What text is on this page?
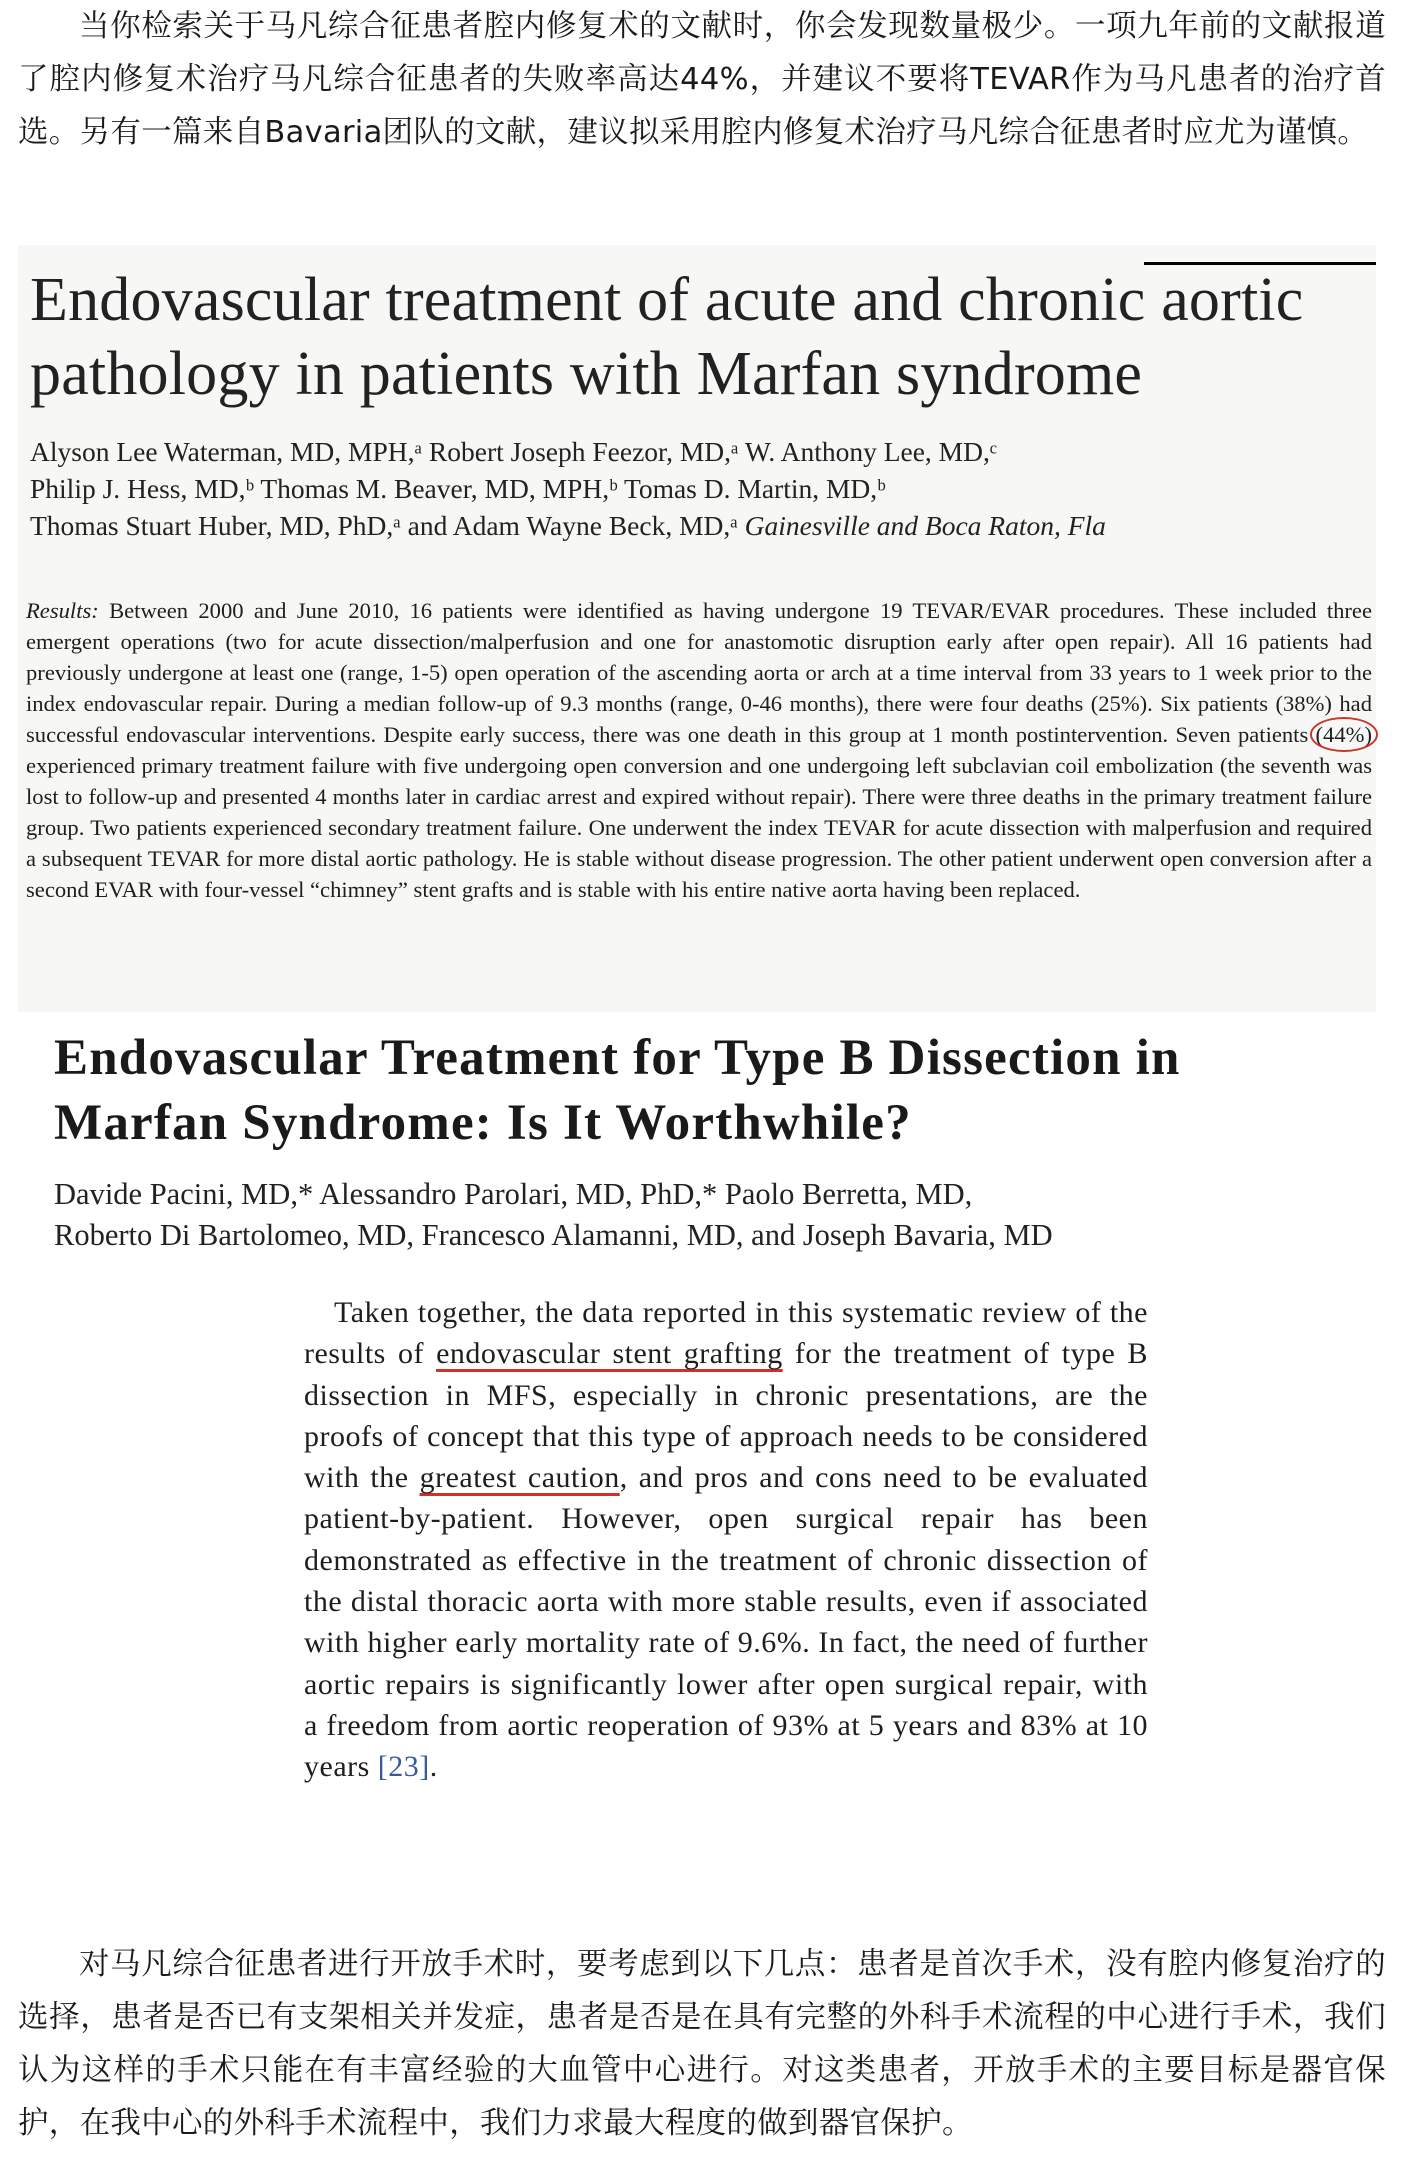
当你检索关于马凡综合征患者腔内修复术的文献时，你会发现数量极少。一项九年前的文献报道了腔内修复术治疗马凡综合征患者的失败率高达44%，并建议不要将TEVAR作为马凡患者的治疗首选。另有一篇来自Bavaria团队的文献，建议拟采用腔内修复术治疗马凡综合征患者时应尤为谨慎。

Endovascular treatment of acute and chronic aortic pathology in patients with Marfan syndrome
Alyson Lee Waterman, MD, MPH,ᵃ Robert Joseph Feezor, MD,ᵃ W. Anthony Lee, MD,ᶜ
Philip J. Hess, MD,ᵇ Thomas M. Beaver, MD, MPH,ᵇ Tomas D. Martin, MD,ᵇ
Thomas Stuart Huber, MD, PhD,ᵃ and Adam Wayne Beck, MD,ᵃ Gainesville and Boca Raton, Fla

Results: Between 2000 and June 2010, 16 patients were identified as having undergone 19 TEVAR/EVAR procedures. These included three emergent operations (two for acute dissection/malperfusion and one for anastomotic disruption early after open repair). All 16 patients had previously undergone at least one (range, 1-5) open operation of the ascending aorta or arch at a time interval from 33 years to 1 week prior to the index endovascular repair. During a median follow-up of 9.3 months (range, 0-46 months), there were four deaths (25%). Six patients (38%) had successful endovascular interventions. Despite early success, there was one death in this group at 1 month postintervention. Seven patients (44%)
experienced primary treatment failure with five undergoing open conversion and one undergoing left subclavian coil embolization (the seventh was lost to follow-up and presented 4 months later in cardiac arrest and expired without repair). There were three deaths in the primary treatment failure group. Two patients experienced secondary treatment failure. One underwent the index TEVAR for acute dissection with malperfusion and required a subsequent TEVAR for more distal aortic pathology. He is stable without disease progression. The other patient underwent open conversion after a second EVAR with four-vessel “chimney” stent grafts and is stable with his entire native aorta having been replaced.

Endovascular Treatment for Type B Dissection in Marfan Syndrome: Is It Worthwhile?
Davide Pacini, MD,* Alessandro Parolari, MD, PhD,* Paolo Berretta, MD,
Roberto Di Bartolomeo, MD, Francesco Alamanni, MD, and Joseph Bavaria, MD

Taken together, the data reported in this systematic review of the results of endovascular stent grafting for the treatment of type B dissection in MFS, especially in chronic presentations, are the proofs of concept that this type of approach needs to be considered with the greatest caution, and pros and cons need to be evaluated patient-by-patient. However, open surgical repair has been demonstrated as effective in the treatment of chronic dissection of the distal thoracic aorta with more stable results, even if associated with higher early mortality rate of 9.6%. In fact, the need of further aortic repairs is significantly lower after open surgical repair, with a freedom from aortic reoperation of 93% at 5 years and 83% at 10 years [23].

对马凡综合征患者进行开放手术时，要考虑到以下几点：患者是首次手术，没有腔内修复治疗的选择，患者是否已有支架相关并发症，患者是否是在具有完整的外科手术流程的中心进行手术，我们认为这样的手术只能在有丰富经验的大血管中心进行。对这类患者，开放手术的主要目标是器官保护，在我中心的外科手术流程中，我们力求最大程度的做到器官保护。
